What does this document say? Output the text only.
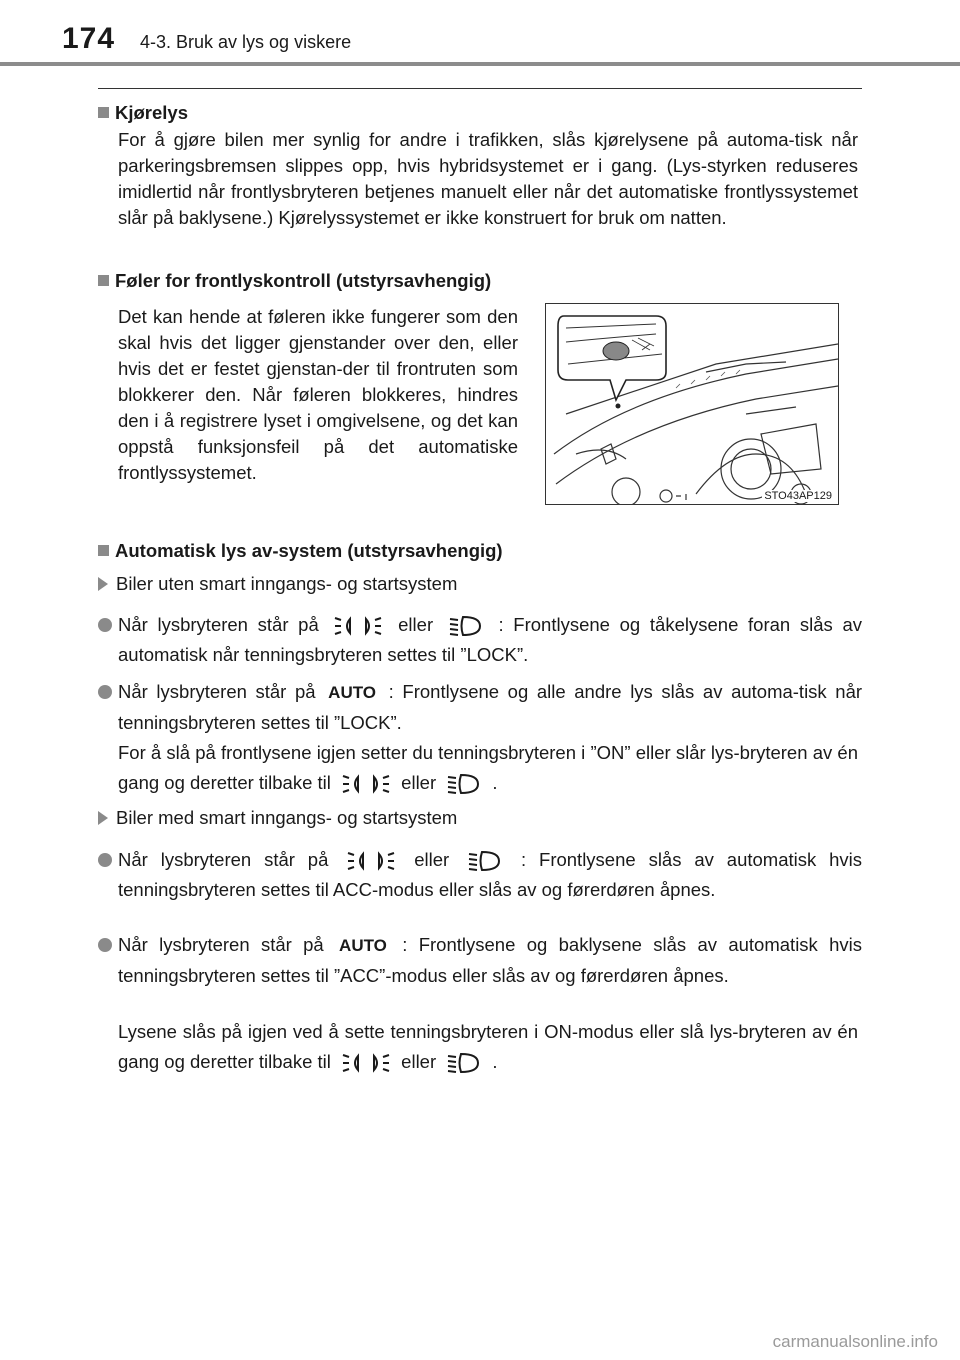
174 4-3. Bruk av lys og viskere
Kjørelys
For å gjøre bilen mer synlig for andre i trafikken, slås kjørelysene på automa-tisk når parkeringsbremsen slippes opp, hvis hybridsystemet er i gang. (Lys-styrken reduseres imidlertid når frontlysbryteren betjenes manuelt eller når det automatiske frontlyssystemet slår på baklysene.) Kjørelyssystemet er ikke konstruert for bruk om natten.
Føler for frontlyskontroll (utstyrsavhengig)
Det kan hende at føleren ikke fungerer som den skal hvis det ligger gjenstander over den, eller hvis det er festet gjenstan-der til frontruten som blokkerer den. Når føleren blokkeres, hindres den i å registrere lyset i omgivelsene, og det kan oppstå funksjonsfeil på det automatiske frontlyssystemet.
STO43AP129
Automatisk lys av-system (utstyrsavhengig)
Biler uten smart inngangs- og startsystem
Når lysbryteren står på	eller	: Frontlysene og tåkelysene foran slås av automatisk når tenningsbryteren settes til ”LOCK”.
Når lysbryteren står på AUTO : Frontlysene og alle andre lys slås av automa-tisk når tenningsbryteren settes til ”LOCK”.
For å slå på frontlysene igjen setter du tenningsbryteren i ”ON” eller slår lys-bryteren av én gang og deretter tilbake til	eller	.
Biler med smart inngangs- og startsystem
Når lysbryteren står på	eller	: Frontlysene slås av automatisk hvis tenningsbryteren settes til ACC-modus eller slås av og førerdøren åpnes.
Når lysbryteren står på AUTO : Frontlysene og baklysene slås av automatisk hvis tenningsbryteren settes til ”ACC”-modus eller slås av og førerdøren åpnes.
Lysene slås på igjen ved å sette tenningsbryteren i ON-modus eller slå lys-bryteren av én gang og deretter tilbake til	eller	.
carmanualsonline.info
